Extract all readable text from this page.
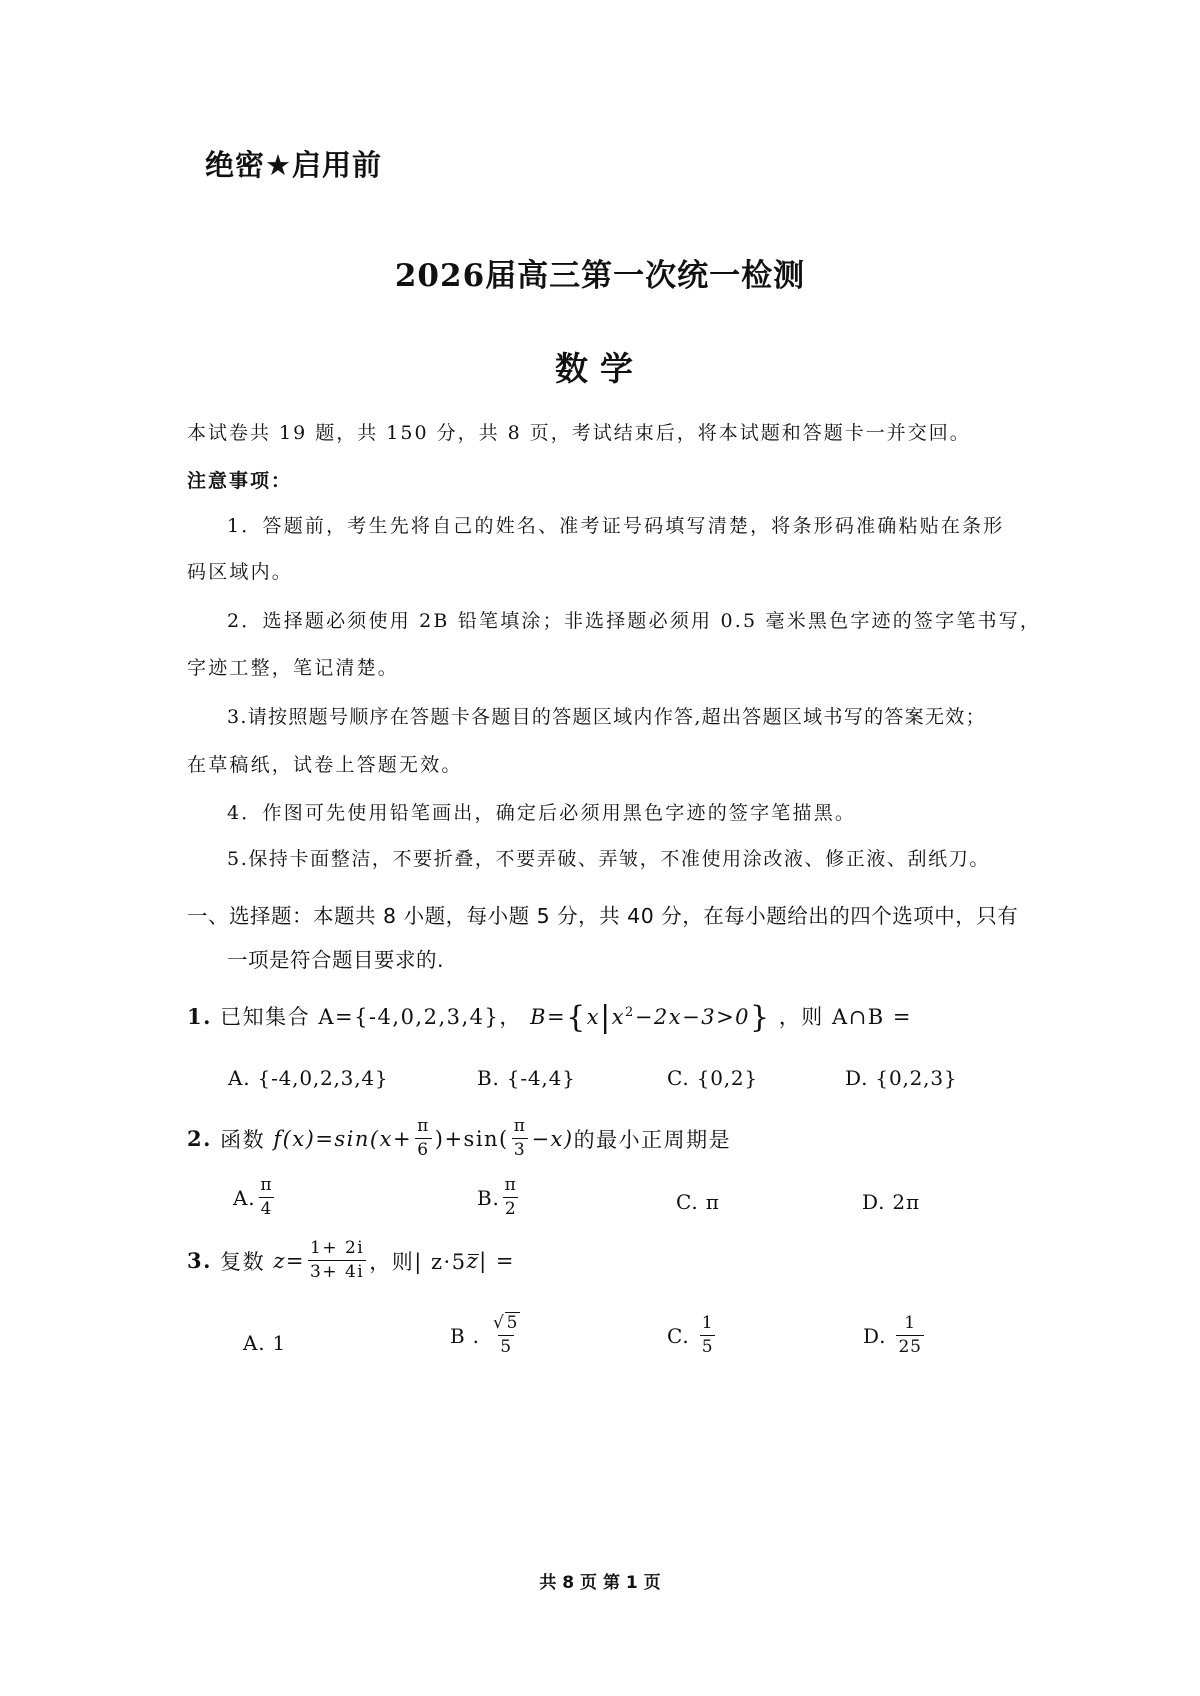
绝密★启用前
2026届高三第一次统一检测
数学
本试卷共 19 题，共 150 分，共 8 页，考试结束后，将本试题和答题卡一并交回。
注意事项：
1．答题前，考生先将自己的姓名、准考证号码填写清楚，将条形码准确粘贴在条形
码区域内。
2．选择题必须使用 2B 铅笔填涂；非选择题必须用 0.5 毫米黑色字迹的签字笔书写，
字迹工整，笔记清楚。
3.请按照题号顺序在答题卡各题目的答题区域内作答,超出答题区域书写的答案无效；
在草稿纸，试卷上答题无效。
4．作图可先使用铅笔画出，确定后必须用黑色字迹的签字笔描黑。
5.保持卡面整洁，不要折叠，不要弄破、弄皱，不准使用涂改液、修正液、刮纸刀。
一、选择题：本题共 8 小题，每小题 5 分，共 40 分，在每小题给出的四个选项中，只有
一项是符合题目要求的.
1. 已知集合 A={-4,0,2,3,4}， $B=\{x|x^2-2x-3>0\}$ ，则 A∩B =
A. {-4,0,2,3,4}	B. {-4,4}	C. {0,2}	D. {0,2,3}
2.
函数
$f(x)=\sin(x+ \frac{\pi}{6} )+\sin( \frac{\pi}{3} -x)$ 的最小正周期是
A. $\frac{\pi}{4}$	B. $\frac{\pi}{2}$	C. π	D. 2π
3.
复数
$z = \frac{1+ 2i}{3+ 4i}$ ，则| z·5 z | =
A. 1	B .
$\frac{√ 5}{5}$	C.
$\frac{1}{5}$	D.
$\frac{1}{25}$
共 8 页 第 1 页
